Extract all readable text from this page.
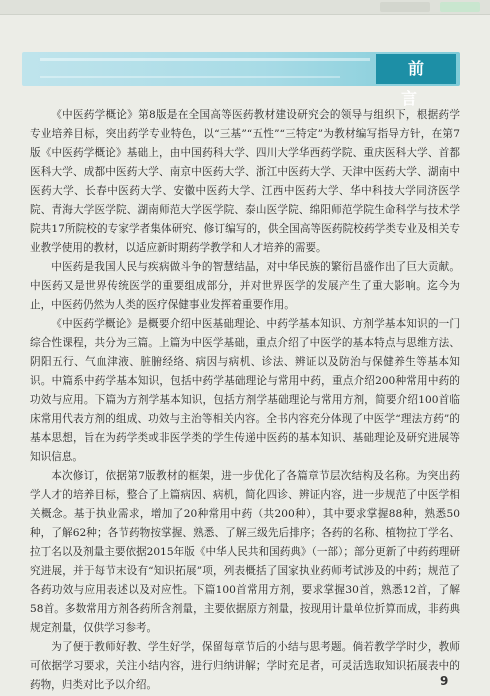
前 言

《中医药学概论》第8版是在全国高等医药教材建设研究会的领导与组织下，根据药学专业培养目标，突出药学专业特色，以“三基”“五性”“三特定”为教材编写指导方针，在第7版《中医药学概论》基础上，由中国药科大学、四川大学华西药学院、重庆医科大学、首都医科大学、成都中医药大学、南京中医药大学、浙江中医药大学、天津中医药大学、湖南中医药大学、长春中医药大学、安徽中医药大学、江西中医药大学、华中科技大学同济医学院、青海大学医学院、湖南师范大学医学院、泰山医学院、绵阳师范学院生命科学与技术学院共17所院校的专家学者集体研究、修订编写的，供全国高等医药院校药学类专业及相关专业教学使用的教材，以适应新时期药学教学和人才培养的需要。

中医药是我国人民与疾病做斗争的智慧结晶，对中华民族的繁衍昌盛作出了巨大贡献。中医药又是世界传统医学的重要组成部分，并对世界医学的发展产生了重大影响。迄今为止，中医药仍然为人类的医疗保健事业发挥着重要作用。

《中医药学概论》是概要介绍中医基础理论、中药学基本知识、方剂学基本知识的一门综合性课程，共分为三篇。上篇为中医学基础，重点介绍了中医学的基本特点与思维方法、阴阳五行、气血津液、脏腑经络、病因与病机、诊法、辨证以及防治与保健养生等基本知识。中篇系中药学基本知识，包括中药学基础理论与常用中药，重点介绍200种常用中药的功效与应用。下篇为方剂学基本知识，包括方剂学基础理论与常用方剂，简要介绍100首临床常用代表方剂的组成、功效与主治等相关内容。全书内容充分体现了中医学“理法方药”的基本思想，旨在为药学类或非医学类的学生传递中医药的基本知识、基础理论及研究进展等知识信息。

本次修订，依据第7版教材的框架，进一步优化了各篇章节层次结构及名称。为突出药学人才的培养目标，整合了上篇病因、病机，简化四诊、辨证内容，进一步规范了中医学相关概念。基于执业需求，增加了20种常用中药（共200种），其中要求掌握88种，熟悉50种，了解62种；各节药物按掌握、熟悉、了解三级先后排序；各药的名称、植物拉丁学名、拉丁名以及剂量主要依据2015年版《中华人民共和国药典》（一部）；部分更新了中药药理研究进展，并于每节末设有“知识拓展”项，列表概括了国家执业药师考试涉及的中药；规范了各药功效与应用表述以及对应性。下篇100首常用方剂，要求掌握30首，熟悉12首，了解58首。多数常用方剂各药所含剂量，主要依据原方剂量，按现用计量单位折算而成，非药典规定剂量，仅供学习参考。

为了便于教师好教、学生好学，保留每章节后的小结与思考题。倘若教学学时少，教师可依据学习要求，关注小结内容，进行归纳讲解；学时充足者，可灵活选取知识拓展表中的药物，归类对比予以介绍。	9
